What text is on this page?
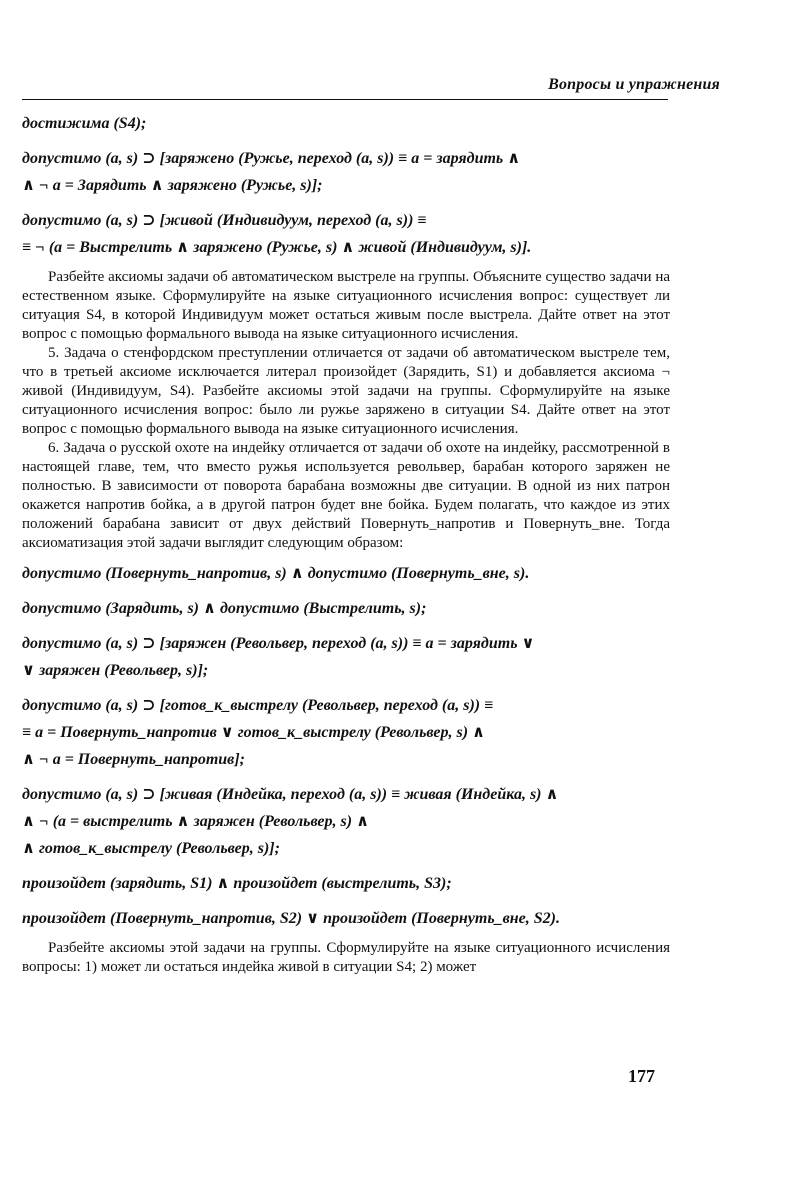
Вопросы и упражнения
достижима (S4);
допустимо (a, s) ⊃ [заряжено (Ружье, переход (a, s)) ≡ a = зарядить ∧
∧ ¬ a = Зарядить ∧ заряжено (Ружье, s)];
допустимо (a, s) ⊃ [живой (Индивидуум, переход (a, s)) ≡
≡ ¬ (a = Выстрелить ∧ заряжено (Ружье, s) ∧ живой (Индивидуум, s)].

Разбейте аксиомы задачи об автоматическом выстреле на группы. Объясните существо задачи на естественном языке. Сформулируйте на языке ситуационного исчисления вопрос: существует ли ситуация S4, в которой Индивидуум может остаться живым после выстрела. Дайте ответ на этот вопрос с помощью формального вывода на языке ситуационного исчисления.

5. Задача о стенфордском преступлении отличается от задачи об автоматическом выстреле тем, что в третьей аксиоме исключается литерал произойдет (Зарядить, S1) и добавляется аксиома ¬ живой (Индивидуум, S4). Разбейте аксиомы этой задачи на группы. Сформулируйте на языке ситуационного исчисления вопрос: было ли ружье заряжено в ситуации S4. Дайте ответ на этот вопрос с помощью формального вывода на языке ситуационного исчисления.

6. Задача о русской охоте на индейку отличается от задачи об охоте на индейку, рассмотренной в настоящей главе, тем, что вместо ружья используется револьвер, барабан которого заряжен не полностью. В зависимости от поворота барабана возможны две ситуации. В одной из них патрон окажется напротив бойка, а в другой патрон будет вне бойка. Будем полагать, что каждое из этих положений барабана зависит от двух действий Повернуть_напротив и Повернуть_вне. Тогда аксиоматизация этой задачи выглядит следующим образом:

допустимо (Повернуть_напротив, s) ∧ допустимо (Повернуть_вне, s).
допустимо (Зарядить, s) ∧ допустимо (Выстрелить, s);
допустимо (a, s) ⊃ [заряжен (Револьвер, переход (a, s)) ≡ a = зарядить ∨
∨ заряжен (Револьвер, s)];
допустимо (a, s) ⊃ [готов_к_выстрелу (Револьвер, переход (a, s)) ≡
≡ a = Повернуть_напротив ∨ готов_к_выстрелу (Револьвер, s) ∧
∧ ¬ a = Повернуть_напротив];
допустимо (a, s) ⊃ [живая (Индейка, переход (a, s)) ≡ живая (Индейка, s) ∧
∧ ¬ (a = выстрелить ∧ заряжен (Револьвер, s) ∧
∧ готов_к_выстрелу (Револьвер, s)];
произойдет (зарядить, S1) ∧ произойдет (выстрелить, S3);
произойдет (Повернуть_напротив, S2) ∨ произойдет (Повернуть_вне, S2).

Разбейте аксиомы этой задачи на группы. Сформулируйте на языке ситуационного исчисления вопросы: 1) может ли остаться индейка живой в ситуации S4; 2) может

177
